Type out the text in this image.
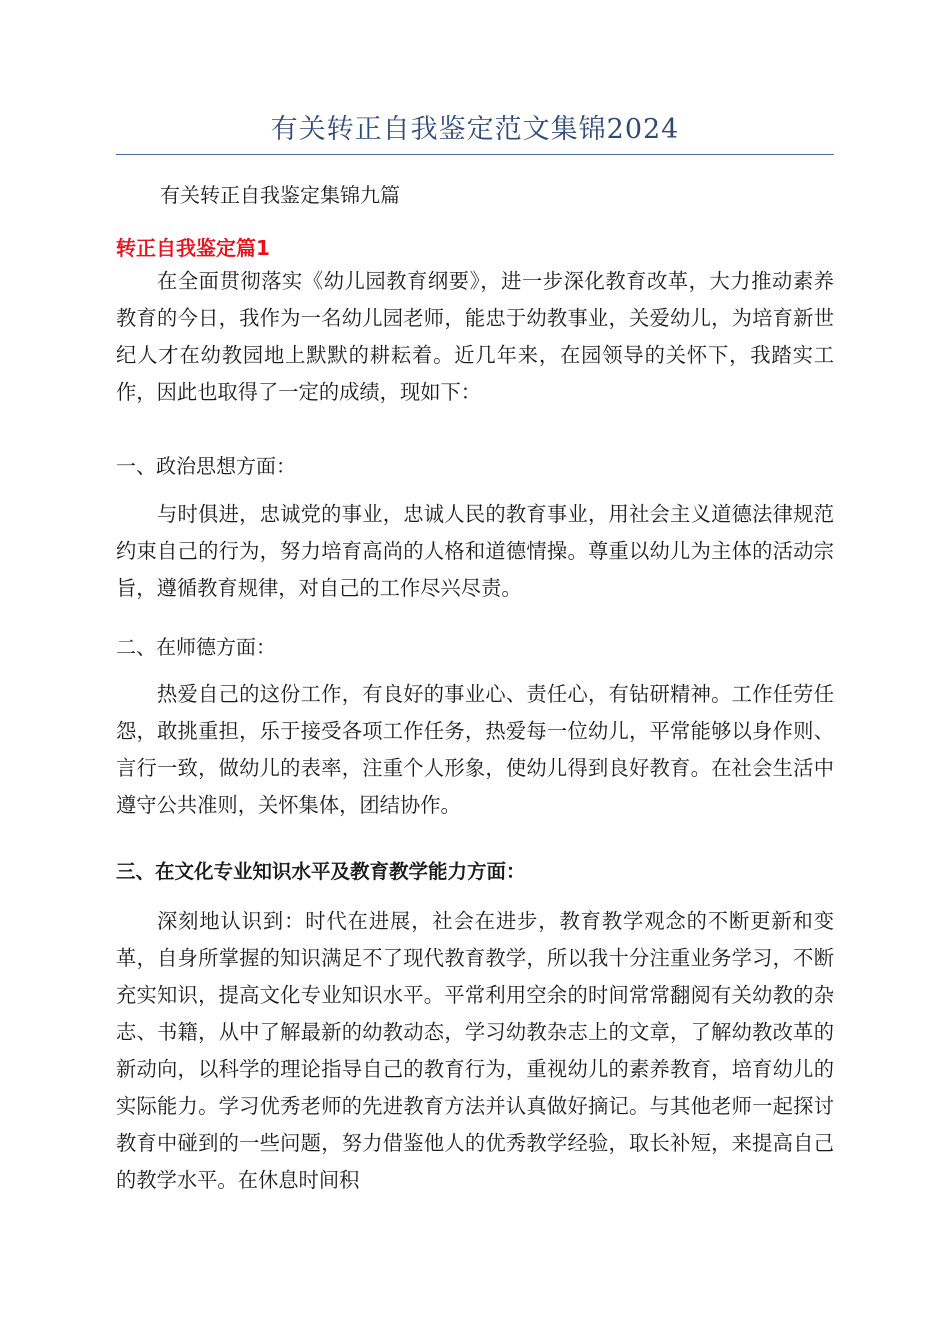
有关转正自我鉴定范文集锦2024
有关转正自我鉴定集锦九篇
转正自我鉴定篇1
在全面贯彻落实《幼儿园教育纲要》，进一步深化教育改革，大力推动素养教育的今日，我作为一名幼儿园老师，能忠于幼教事业，关爱幼儿，为培育新世纪人才在幼教园地上默默的耕耘着。近几年来，在园领导的关怀下，我踏实工作，因此也取得了一定的成绩，现如下：
一、政治思想方面：
与时俱进，忠诚党的事业，忠诚人民的教育事业，用社会主义道德法律规范约束自己的行为，努力培育高尚的人格和道德情操。尊重以幼儿为主体的活动宗旨，遵循教育规律，对自己的工作尽兴尽责。
二、在师德方面：
热爱自己的这份工作，有良好的事业心、责任心，有钻研精神。工作任劳任怨，敢挑重担，乐于接受各项工作任务，热爱每一位幼儿，平常能够以身作则、言行一致，做幼儿的表率，注重个人形象，使幼儿得到良好教育。在社会生活中遵守公共准则，关怀集体，团结协作。
三、在文化专业知识水平及教育教学能力方面：
深刻地认识到：时代在进展，社会在进步，教育教学观念的不断更新和变革，自身所掌握的知识满足不了现代教育教学，所以我十分注重业务学习，不断充实知识，提高文化专业知识水平。平常利用空余的时间常常翻阅有关幼教的杂志、书籍，从中了解最新的幼教动态，学习幼教杂志上的文章，了解幼教改革的新动向，以科学的理论指导自己的教育行为，重视幼儿的素养教育，培育幼儿的实际能力。学习优秀老师的先进教育方法并认真做好摘记。与其他老师一起探讨教育中碰到的一些问题，努力借鉴他人的优秀教学经验，取长补短，来提高自己的教学水平。在休息时间积
